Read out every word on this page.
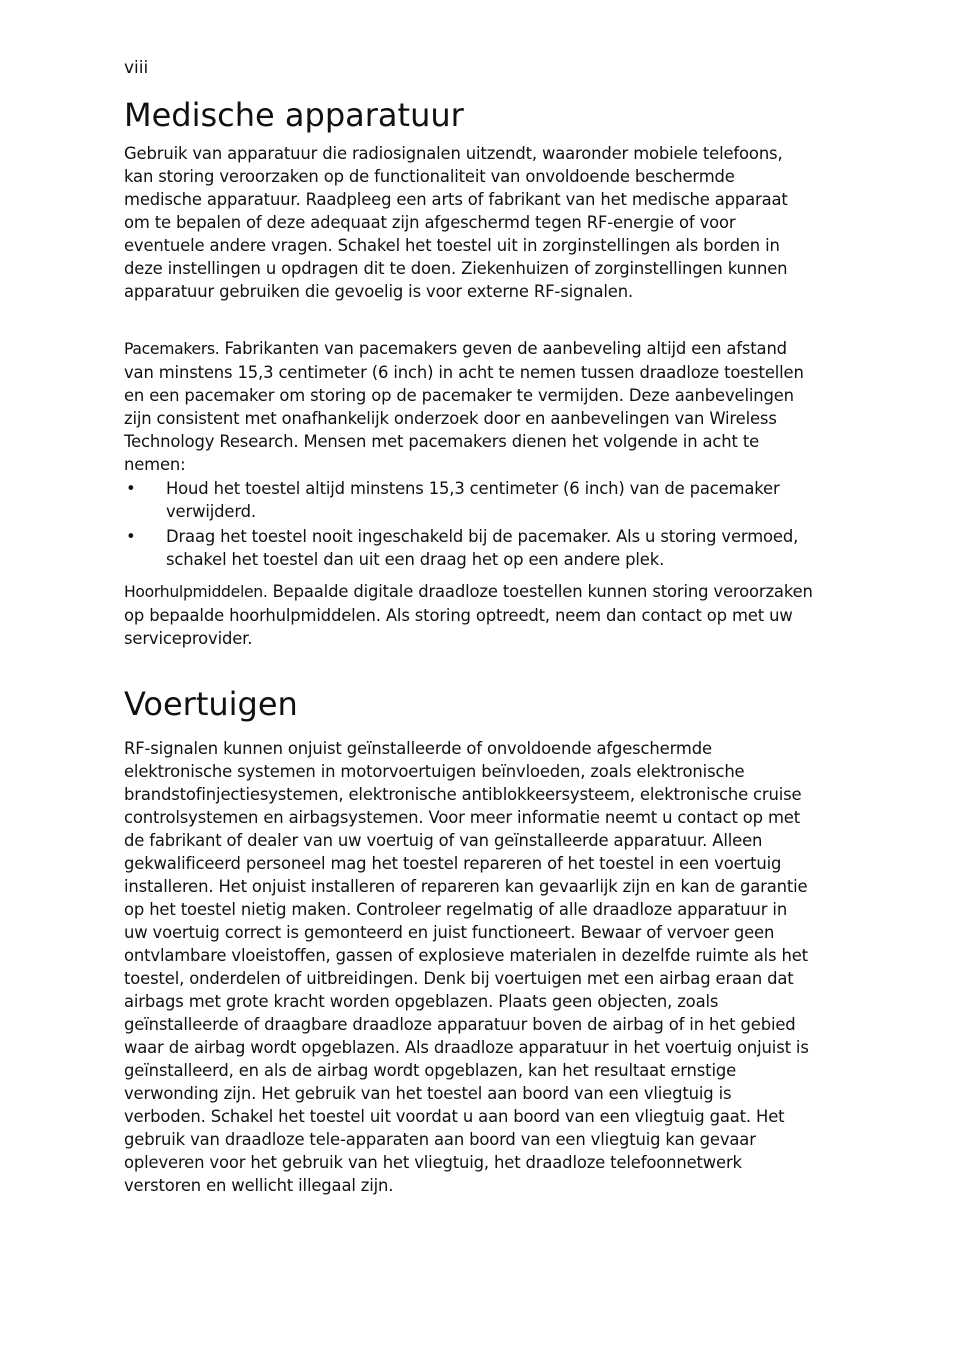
viii

Medische apparatuur

Gebruik van apparatuur die radiosignalen uitzendt, waaronder mobiele telefoons, kan storing veroorzaken op de functionaliteit van onvoldoende beschermde medische apparatuur. Raadpleeg een arts of fabrikant van het medische apparaat om te bepalen of deze adequaat zijn afgeschermd tegen RF-energie of voor eventuele andere vragen. Schakel het toestel uit in zorginstellingen als borden in deze instellingen u opdragen dit te doen. Ziekenhuizen of zorginstellingen kunnen apparatuur gebruiken die gevoelig is voor externe RF-signalen.

Pacemakers. Fabrikanten van pacemakers geven de aanbeveling altijd een afstand van minstens 15,3 centimeter (6 inch) in acht te nemen tussen draadloze toestellen en een pacemaker om storing op de pacemaker te vermijden. Deze aanbevelingen zijn consistent met onafhankelijk onderzoek door en aanbevelingen van Wireless Technology Research. Mensen met pacemakers dienen het volgende in acht te nemen:

• Houd het toestel altijd minstens 15,3 centimeter (6 inch) van de pacemaker verwijderd.
• Draag het toestel nooit ingeschakeld bij de pacemaker. Als u storing vermoed, schakel het toestel dan uit een draag het op een andere plek.

Hoorhulpmiddelen. Bepaalde digitale draadloze toestellen kunnen storing veroorzaken op bepaalde hoorhulpmiddelen. Als storing optreedt, neem dan contact op met uw serviceprovider.

Voertuigen

RF-signalen kunnen onjuist geïnstalleerde of onvoldoende afgeschermde elektronische systemen in motorvoertuigen beïnvloeden, zoals elektronische brandstofinjectiesystemen, elektronische antiblokkeersysteem, elektronische cruise controlsystemen en airbagsystemen. Voor meer informatie neemt u contact op met de fabrikant of dealer van uw voertuig of van geïnstalleerde apparatuur. Alleen gekwalificeerd personeel mag het toestel repareren of het toestel in een voertuig installeren. Het onjuist installeren of repareren kan gevaarlijk zijn en kan de garantie op het toestel nietig maken. Controleer regelmatig of alle draadloze apparatuur in uw voertuig correct is gemonteerd en juist functioneert. Bewaar of vervoer geen ontvlambare vloeistoffen, gassen of explosieve materialen in dezelfde ruimte als het toestel, onderdelen of uitbreidingen. Denk bij voertuigen met een airbag eraan dat airbags met grote kracht worden opgeblazen. Plaats geen objecten, zoals geïnstalleerde of draagbare draadloze apparatuur boven de airbag of in het gebied waar de airbag wordt opgeblazen. Als draadloze apparatuur in het voertuig onjuist is geïnstalleerd, en als de airbag wordt opgeblazen, kan het resultaat ernstige verwonding zijn. Het gebruik van het toestel aan boord van een vliegtuig is verboden. Schakel het toestel uit voordat u aan boord van een vliegtuig gaat. Het gebruik van draadloze tele-apparaten aan boord van een vliegtuig kan gevaar opleveren voor het gebruik van het vliegtuig, het draadloze telefoonnetwerk verstoren en wellicht illegaal zijn.
